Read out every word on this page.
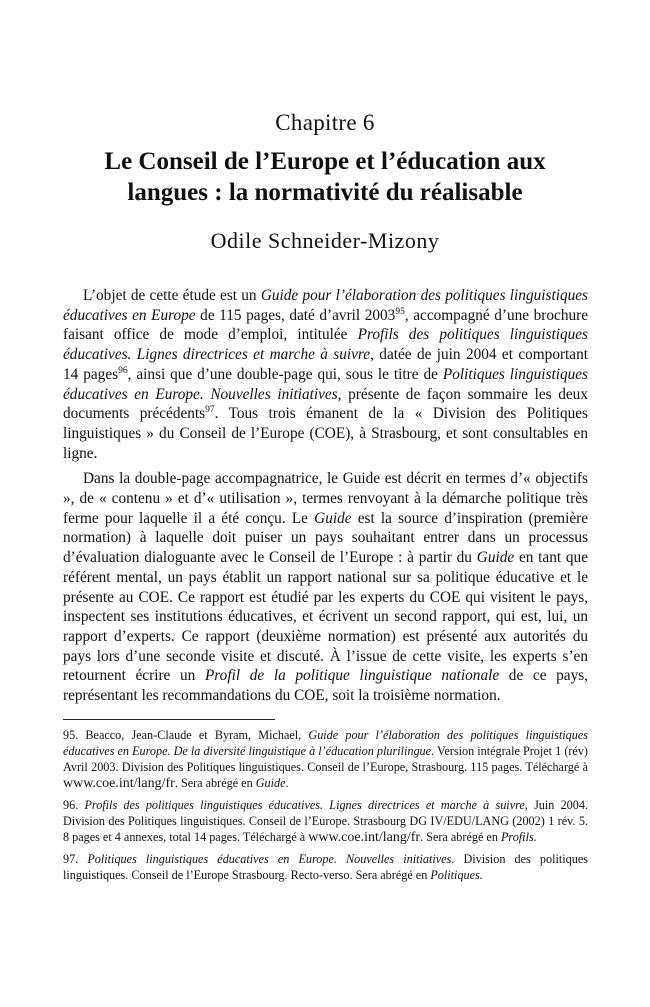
Chapitre 6
Le Conseil de l’Europe et l’éducation aux langues : la normativité du réalisable
Odile Schneider-Mizony

L’objet de cette étude est un Guide pour l’élaboration des politiques linguistiques éducatives en Europe de 115 pages, daté d’avril 2003$^{95}$, accompagné d’une brochure faisant office de mode d’emploi, intitulée Profils des politiques linguistiques éducatives. Lignes directrices et marche à suivre, datée de juin 2004 et comportant 14 pages$^{96}$, ainsi que d’une double-page qui, sous le titre de Politiques linguistiques éducatives en Europe. Nouvelles initiatives, présente de façon sommaire les deux documents précédents$^{97}$. Tous trois émanent de la « Division des Politiques linguistiques » du Conseil de l’Europe (COE), à Strasbourg, et sont consultables en ligne.

Dans la double-page accompagnatrice, le Guide est décrit en termes d’« objectifs », de « contenu » et d’« utilisation », termes renvoyant à la démarche politique très ferme pour laquelle il a été conçu. Le Guide est la source d’inspiration (première normation) à laquelle doit puiser un pays souhaitant entrer dans un processus d’évaluation dialoguante avec le Conseil de l’Europe : à partir du Guide en tant que référent mental, un pays établit un rapport national sur sa politique éducative et le présente au COE. Ce rapport est étudié par les experts du COE qui visitent le pays, inspectent ses institutions éducatives, et écrivent un second rapport, qui est, lui, un rapport d’experts. Ce rapport (deuxième normation) est présenté aux autorités du pays lors d’une seconde visite et discuté. À l’issue de cette visite, les experts s’en retournent écrire un Profil de la politique linguistique nationale de ce pays, représentant les recommandations du COE, soit la troisième normation.

95. Beacco, Jean-Claude et Byram, Michael, Guide pour l’élaboration des politiques linguistiques éducatives en Europe. De la diversité linguistique à l’éducation plurilingue. Version intégrale Projet 1 (rév) Avril 2003. Division des Politiques linguistiques. Conseil de l’Europe, Strasbourg. 115 pages. Téléchargé à www.coe.int/lang/fr. Sera abrégé en Guide.
96. Profils des politiques linguistiques éducatives. Lignes directrices et marche à suivre, Juin 2004. Division des Politiques linguistiques. Conseil de l’Europe. Strasbourg DG IV/EDU/LANG (2002) 1 rév. 5. 8 pages et 4 annexes, total 14 pages. Téléchargé à www.coe.int/lang/fr. Sera abrégé en Profils.
97. Politiques linguistiques éducatives en Europe. Nouvelles initiatives. Division des politiques linguistiques. Conseil de l’Europe Strasbourg. Recto-verso. Sera abrégé en Politiques.
